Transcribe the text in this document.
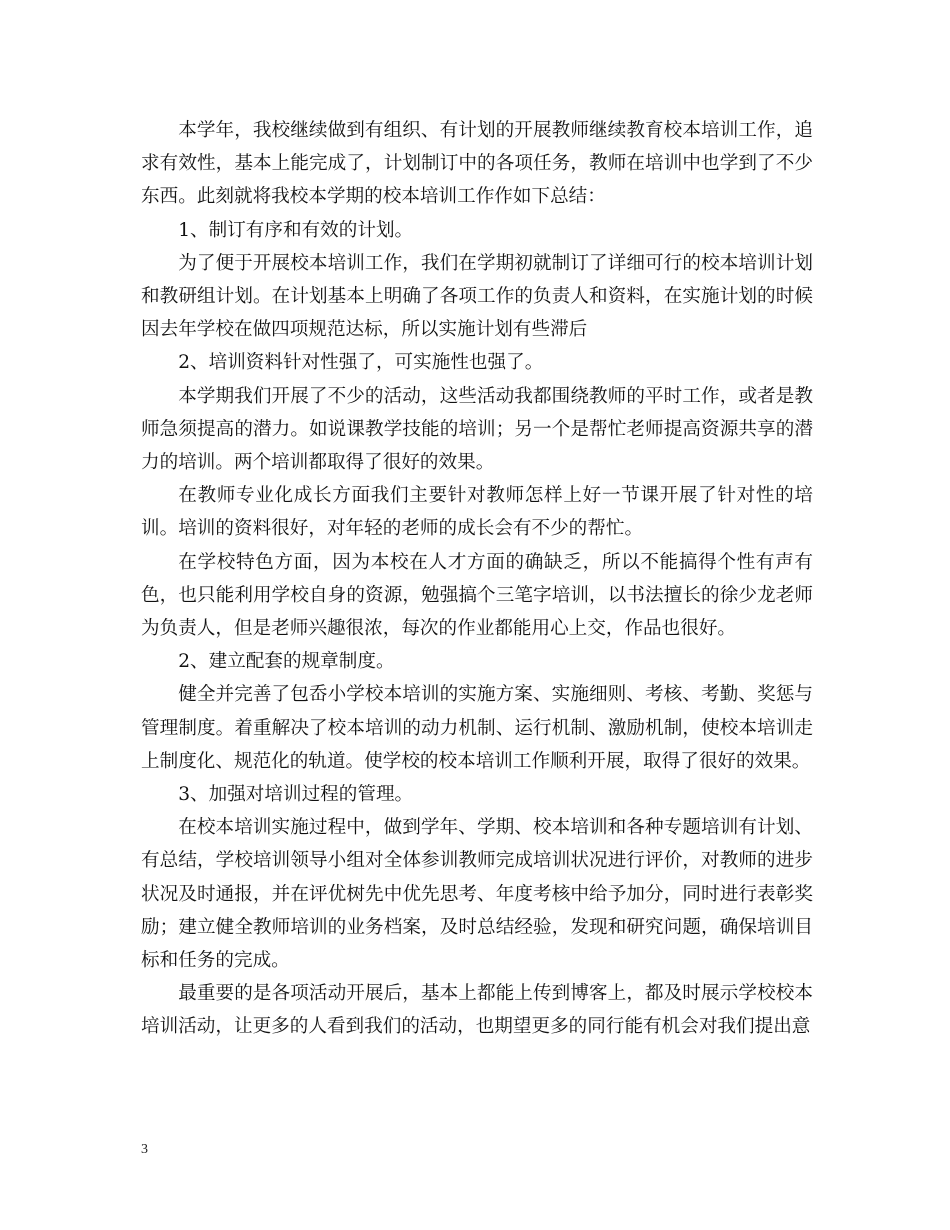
本学年，我校继续做到有组织、有计划的开展教师继续教育校本培训工作，追求有效性，基本上能完成了，计划制订中的各项任务，教师在培训中也学到了不少东西。此刻就将我校本学期的校本培训工作作如下总结：

1、制订有序和有效的计划。

为了便于开展校本培训工作，我们在学期初就制订了详细可行的校本培训计划和教研组计划。在计划基本上明确了各项工作的负责人和资料，在实施计划的时候因去年学校在做四项规范达标，所以实施计划有些滞后

2、培训资料针对性强了，可实施性也强了。

本学期我们开展了不少的活动，这些活动我都围绕教师的平时工作，或者是教师急须提高的潜力。如说课教学技能的培训；另一个是帮忙老师提高资源共享的潜力的培训。两个培训都取得了很好的效果。

在教师专业化成长方面我们主要针对教师怎样上好一节课开展了针对性的培训。培训的资料很好，对年轻的老师的成长会有不少的帮忙。

在学校特色方面，因为本校在人才方面的确缺乏，所以不能搞得个性有声有色，也只能利用学校自身的资源，勉强搞个三笔字培训，以书法擅长的徐少龙老师为负责人，但是老师兴趣很浓，每次的作业都能用心上交，作品也很好。

2、建立配套的规章制度。

健全并完善了包岙小学校本培训的实施方案、实施细则、考核、考勤、奖惩与管理制度。着重解决了校本培训的动力机制、运行机制、激励机制，使校本培训走上制度化、规范化的轨道。使学校的校本培训工作顺利开展，取得了很好的效果。

3、加强对培训过程的管理。

在校本培训实施过程中，做到学年、学期、校本培训和各种专题培训有计划、有总结，学校培训领导小组对全体参训教师完成培训状况进行评价，对教师的进步状况及时通报，并在评优树先中优先思考、年度考核中给予加分，同时进行表彰奖励；建立健全教师培训的业务档案，及时总结经验，发现和研究问题，确保培训目标和任务的完成。

最重要的是各项活动开展后，基本上都能上传到博客上，都及时展示学校校本培训活动，让更多的人看到我们的活动，也期望更多的同行能有机会对我们提出意

3
